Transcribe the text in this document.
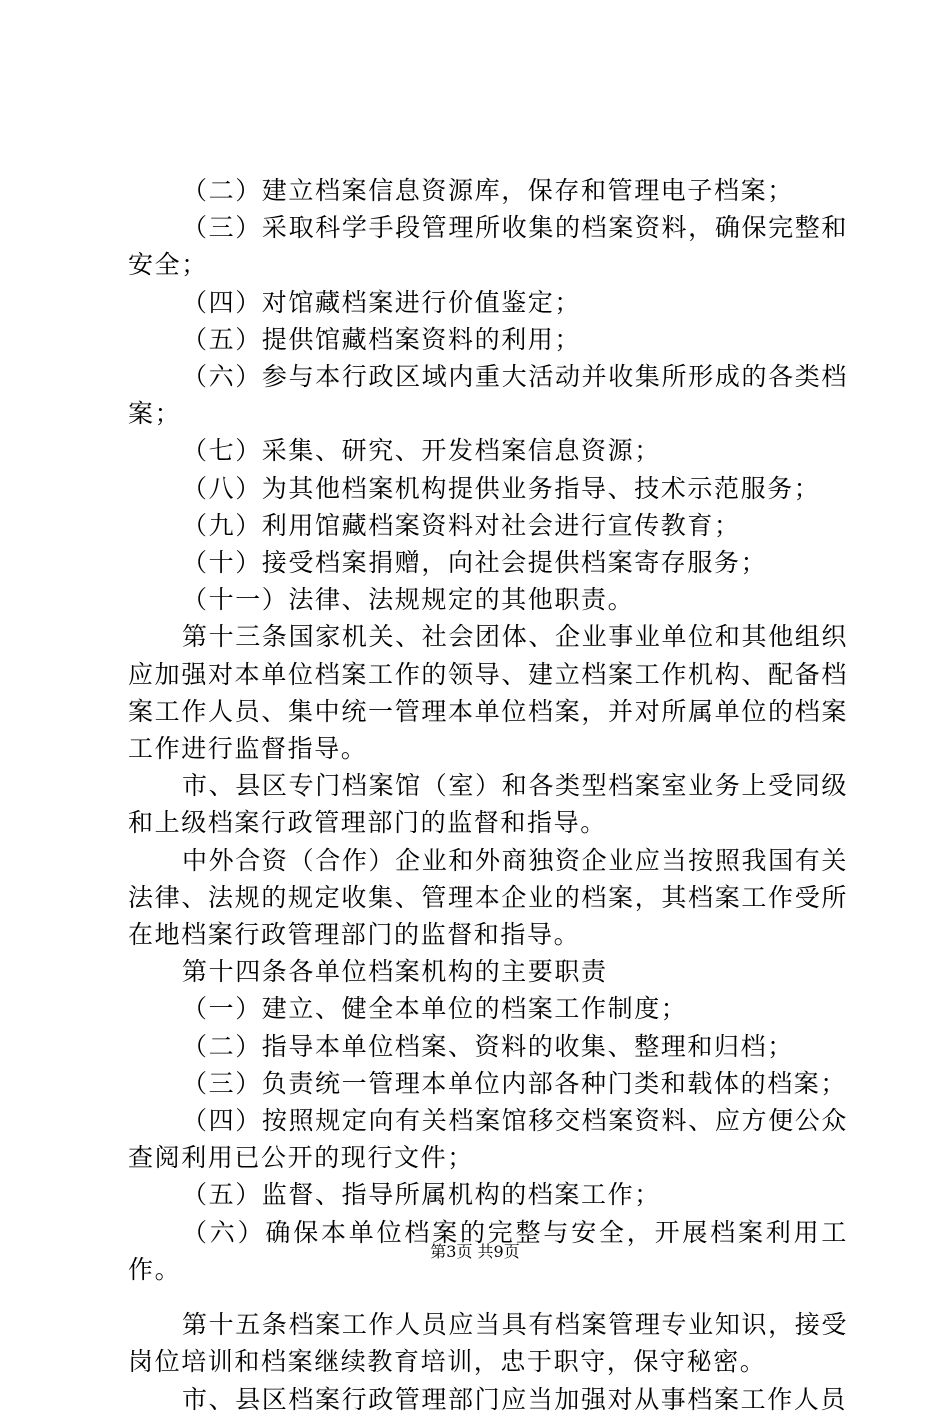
（二）建立档案信息资源库，保存和管理电子档案；

（三）采取科学手段管理所收集的档案资料，确保完整和安全；

（四）对馆藏档案进行价值鉴定；

（五）提供馆藏档案资料的利用；

（六）参与本行政区域内重大活动并收集所形成的各类档案；

（七）采集、研究、开发档案信息资源；

（八）为其他档案机构提供业务指导、技术示范服务；

（九）利用馆藏档案资料对社会进行宣传教育；

（十）接受档案捐赠，向社会提供档案寄存服务；

（十一）法律、法规规定的其他职责。

第十三条国家机关、社会团体、企业事业单位和其他组织应加强对本单位档案工作的领导、建立档案工作机构、配备档案工作人员、集中统一管理本单位档案，并对所属单位的档案工作进行监督指导。

市、县区专门档案馆（室）和各类型档案室业务上受同级和上级档案行政管理部门的监督和指导。

中外合资（合作）企业和外商独资企业应当按照我国有关法律、法规的规定收集、管理本企业的档案，其档案工作受所在地档案行政管理部门的监督和指导。

第十四条各单位档案机构的主要职责

（一）建立、健全本单位的档案工作制度；

（二）指导本单位档案、资料的收集、整理和归档；

（三）负责统一管理本单位内部各种门类和载体的档案；

（四）按照规定向有关档案馆移交档案资料、应方便公众查阅利用已公开的现行文件；

（五）监督、指导所属机构的档案工作；

（六）确保本单位档案的完整与安全，开展档案利用工作。

第十五条档案工作人员应当具有档案管理专业知识，接受岗位培训和档案继续教育培训，忠于职守，保守秘密。

市、县区档案行政管理部门应当加强对从事档案工作人员

第3页 共9页
